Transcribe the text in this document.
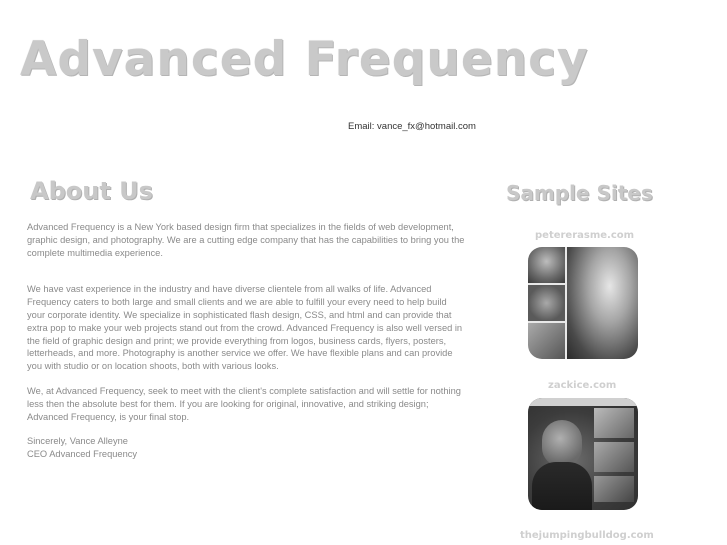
Advanced Frequency
Email: vance_fx@hotmail.com
About Us	Sample Sites

Advanced Frequency is a New York based design firm that specializes in the fields of web development, graphic design, and photography. We are a cutting edge company that has the capabilities to bring you the complete multimedia experience.

We have vast experience in the industry and have diverse clientele from all walks of life. Advanced Frequency caters to both large and small clients and we are able to fulfill your every need to help build your corporate identity. We specialize in sophisticated flash design, CSS, and html and can provide that extra pop to make your web projects stand out from the crowd. Advanced Frequency is also well versed in the field of graphic design and print; we provide everything from logos, business cards, flyers, posters, letterheads, and more. Photography is another service we offer. We have flexible plans and can provide you with studio or on location shoots, both with various looks.

We, at Advanced Frequency, seek to meet with the client's complete satisfaction and will settle for nothing less then the absolute best for them. If you are looking for original, innovative, and striking design; Advanced Frequency, is your final stop.

Sincerely, Vance Alleyne

CEO Advanced Frequency

petererasme.com
zackice.com
thejumpingbulldog.com
